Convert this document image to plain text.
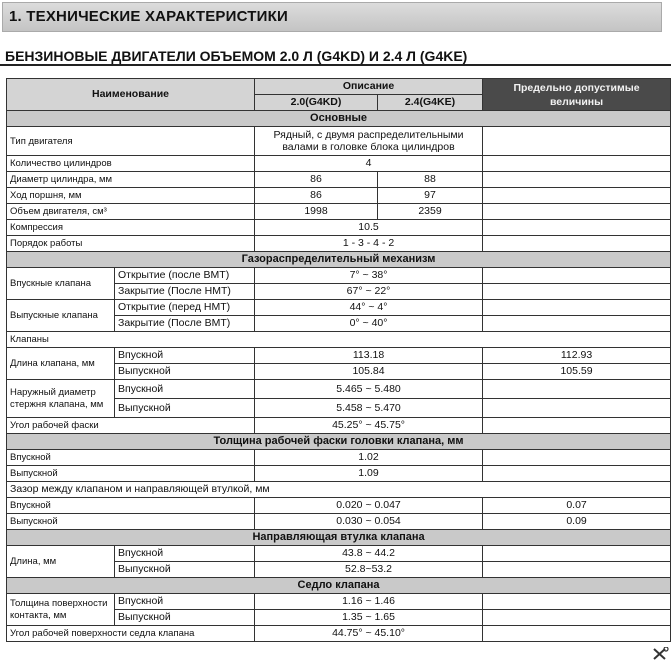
1. ТЕХНИЧЕСКИЕ ХАРАКТЕРИСТИКИ
БЕНЗИНОВЫЕ ДВИГАТЕЛИ ОБЪЕМОМ 2.0 Л (G4KD) И 2.4 Л (G4KE)
Наименование		Описание		Предельно допустимые величины
		2.0(G4KD)	2.4(G4KE)	
Основные				
Тип двигателя		Рядный, с двумя распределительными валами в головке блока цилиндров		
Количество цилиндров		4		
Диаметр цилиндра, мм		86	88	
Ход поршня, мм		86	97	
Объем двигателя, см³		1998	2359	
Компрессия		10.5		
Порядок работы		1 - 3 - 4 - 2		
Газораспределительный механизм				
Впускные клапана	Открытие (после ВМТ)	7° ~ 38°		
	Закрытие (После НМТ)	67° ~ 22°		
Выпускные клапана	Открытие (перед НМТ)	44° ~ 4°		
	Закрытие (После ВМТ)	0° ~ 40°		
Клапаны				
Длина клапана, мм	Впускной	113.18		112.93
	Выпускной	105.84		105.59
Наружный диаметр стержня клапана, мм	Впускной	5.465 ~ 5.480		
	Выпускной	5.458 ~ 5.470		
Угол рабочей фаски		45.25° ~ 45.75°		
Толщина рабочей фаски головки клапана, мм				
Впускной		1.02		
Выпускной		1.09		
Зазор между клапаном и направляющей втулкой, мм				
Впускной		0.020 ~ 0.047		0.07
Выпускной		0.030 ~ 0.054		0.09
Направляющая втулка клапана				
Длина, мм	Впускной	43.8 ~ 44.2		
	Выпускной	52.8~53.2		
Седло клапана				
Толщина поверхности контакта, мм	Впускной	1.16 ~ 1.46		
	Выпускной	1.35 ~ 1.65		
Угол рабочей поверхности седла клапана		44.75° ~ 45.10°		
